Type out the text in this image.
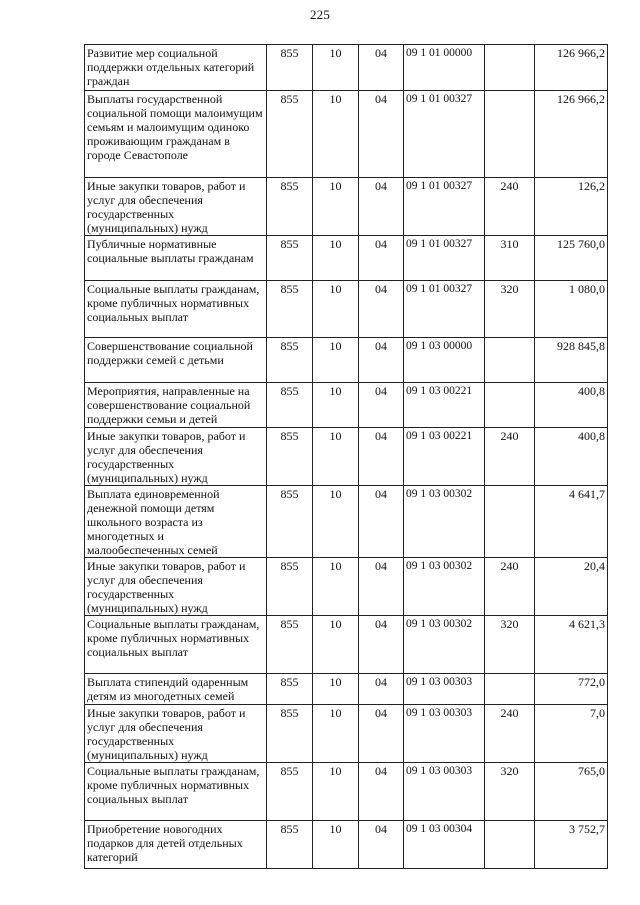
225
Развитие мер социальной поддержки отдельных категорий граждан	855	10	04	09 1 01 00000		126 966,2
Выплаты государственной социальной помощи малоимущим семьям и малоимущим одиноко проживающим гражданам в городе Севастополе	855	10	04	09 1 01 00327		126 966,2
Иные закупки товаров, работ и услуг для обеспечения государственных (муниципальных) нужд	855	10	04	09 1 01 00327	240	126,2
Публичные нормативные социальные выплаты гражданам	855	10	04	09 1 01 00327	310	125 760,0
Социальные выплаты гражданам, кроме публичных нормативных социальных выплат	855	10	04	09 1 01 00327	320	1 080,0
Совершенствование социальной поддержки семей с детьми	855	10	04	09 1 03 00000		928 845,8
Мероприятия, направленные на совершенствование социальной поддержки семьи и детей	855	10	04	09 1 03 00221		400,8
Иные закупки товаров, работ и услуг для обеспечения государственных (муниципальных) нужд	855	10	04	09 1 03 00221	240	400,8
Выплата единовременной денежной помощи детям школьного возраста из многодетных и малообеспеченных семей	855	10	04	09 1 03 00302		4 641,7
Иные закупки товаров, работ и услуг для обеспечения государственных (муниципальных) нужд	855	10	04	09 1 03 00302	240	20,4
Социальные выплаты гражданам, кроме публичных нормативных социальных выплат	855	10	04	09 1 03 00302	320	4 621,3
Выплата стипендий одаренным детям из многодетных семей	855	10	04	09 1 03 00303		772,0
Иные закупки товаров, работ и услуг для обеспечения государственных (муниципальных) нужд	855	10	04	09 1 03 00303	240	7,0
Социальные выплаты гражданам, кроме публичных нормативных социальных выплат	855	10	04	09 1 03 00303	320	765,0
Приобретение новогодних подарков для детей отдельных категорий	855	10	04	09 1 03 00304		3 752,7
